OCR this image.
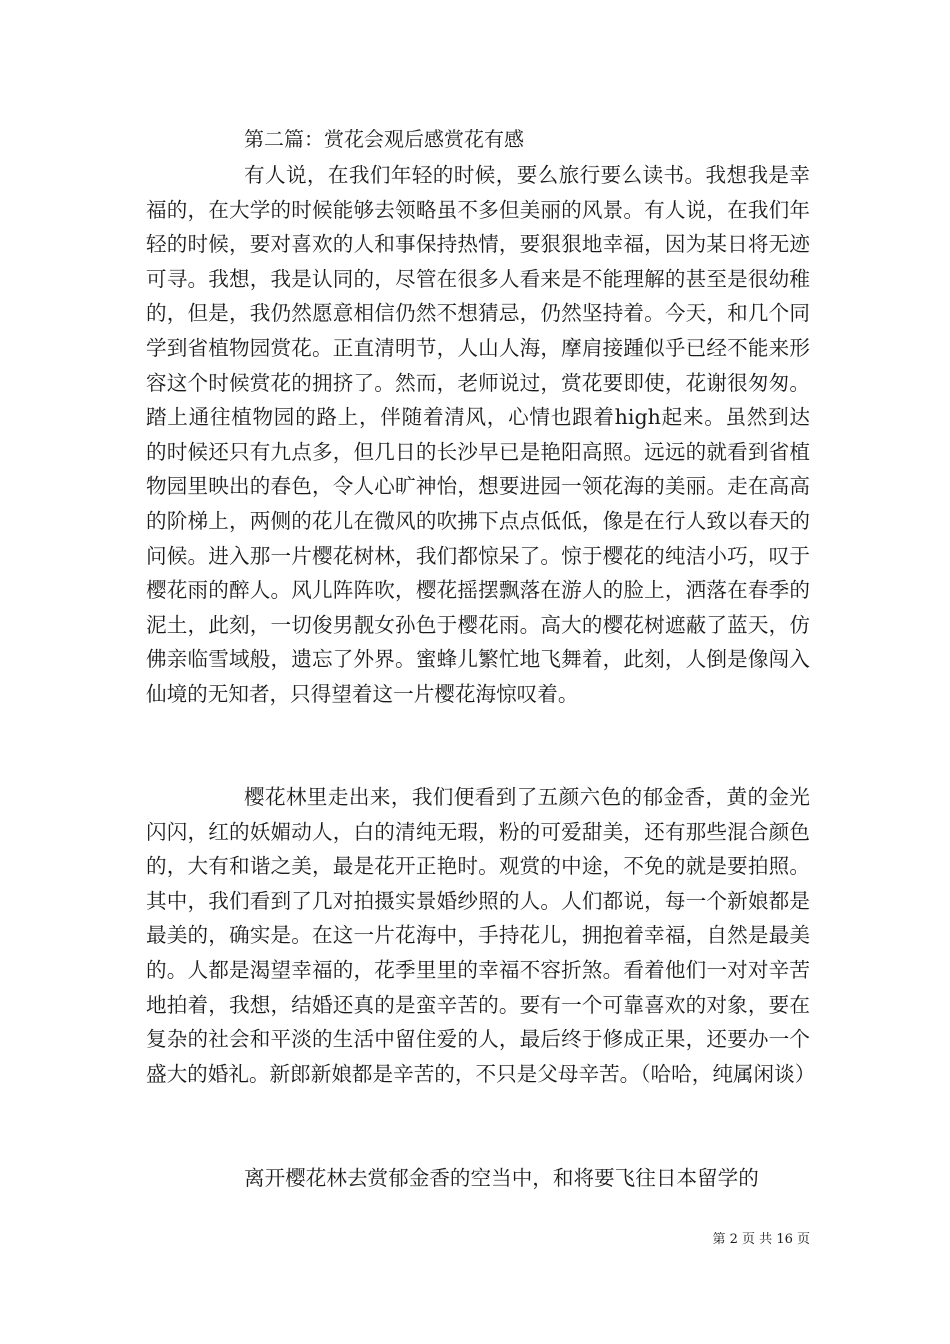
第二篇：赏花会观后感赏花有感

有人说，在我们年轻的时候，要么旅行要么读书。我想我是幸福的，在大学的时候能够去领略虽不多但美丽的风景。有人说，在我们年轻的时候，要对喜欢的人和事保持热情，要狠狠地幸福，因为某日将无迹可寻。我想，我是认同的，尽管在很多人看来是不能理解的甚至是很幼稚的，但是，我仍然愿意相信仍然不想猜忌，仍然坚持着。今天，和几个同学到省植物园赏花。正直清明节，人山人海，摩肩接踵似乎已经不能来形容这个时候赏花的拥挤了。然而，老师说过，赏花要即使，花谢很匆匆。踏上通往植物园的路上，伴随着清风，心情也跟着high起来。虽然到达的时候还只有九点多，但几日的长沙早已是艳阳高照。远远的就看到省植物园里映出的春色，令人心旷神怡，想要进园一领花海的美丽。走在高高的阶梯上，两侧的花儿在微风的吹拂下点点低低，像是在行人致以春天的问候。进入那一片樱花树林，我们都惊呆了。惊于樱花的纯洁小巧，叹于樱花雨的醉人。风儿阵阵吹，樱花摇摆飘落在游人的脸上，洒落在春季的泥土，此刻，一切俊男靓女孙色于樱花雨。高大的樱花树遮蔽了蓝天，仿佛亲临雪域般，遗忘了外界。蜜蜂儿繁忙地飞舞着，此刻，人倒是像闯入仙境的无知者，只得望着这一片樱花海惊叹着。

樱花林里走出来，我们便看到了五颜六色的郁金香，黄的金光闪闪，红的妖媚动人，白的清纯无瑕，粉的可爱甜美，还有那些混合颜色的，大有和谐之美，最是花开正艳时。观赏的中途，不免的就是要拍照。其中，我们看到了几对拍摄实景婚纱照的人。人们都说，每一个新娘都是最美的，确实是。在这一片花海中，手持花儿，拥抱着幸福，自然是最美的。人都是渴望幸福的，花季里里的幸福不容折煞。看着他们一对对辛苦地拍着，我想，结婚还真的是蛮辛苦的。要有一个可靠喜欢的对象，要在复杂的社会和平淡的生活中留住爱的人，最后终于修成正果，还要办一个盛大的婚礼。新郎新娘都是辛苦的，不只是父母辛苦。（哈哈，纯属闲谈）

离开樱花林去赏郁金香的空当中，和将要飞往日本留学的

第 2 页 共 16 页
